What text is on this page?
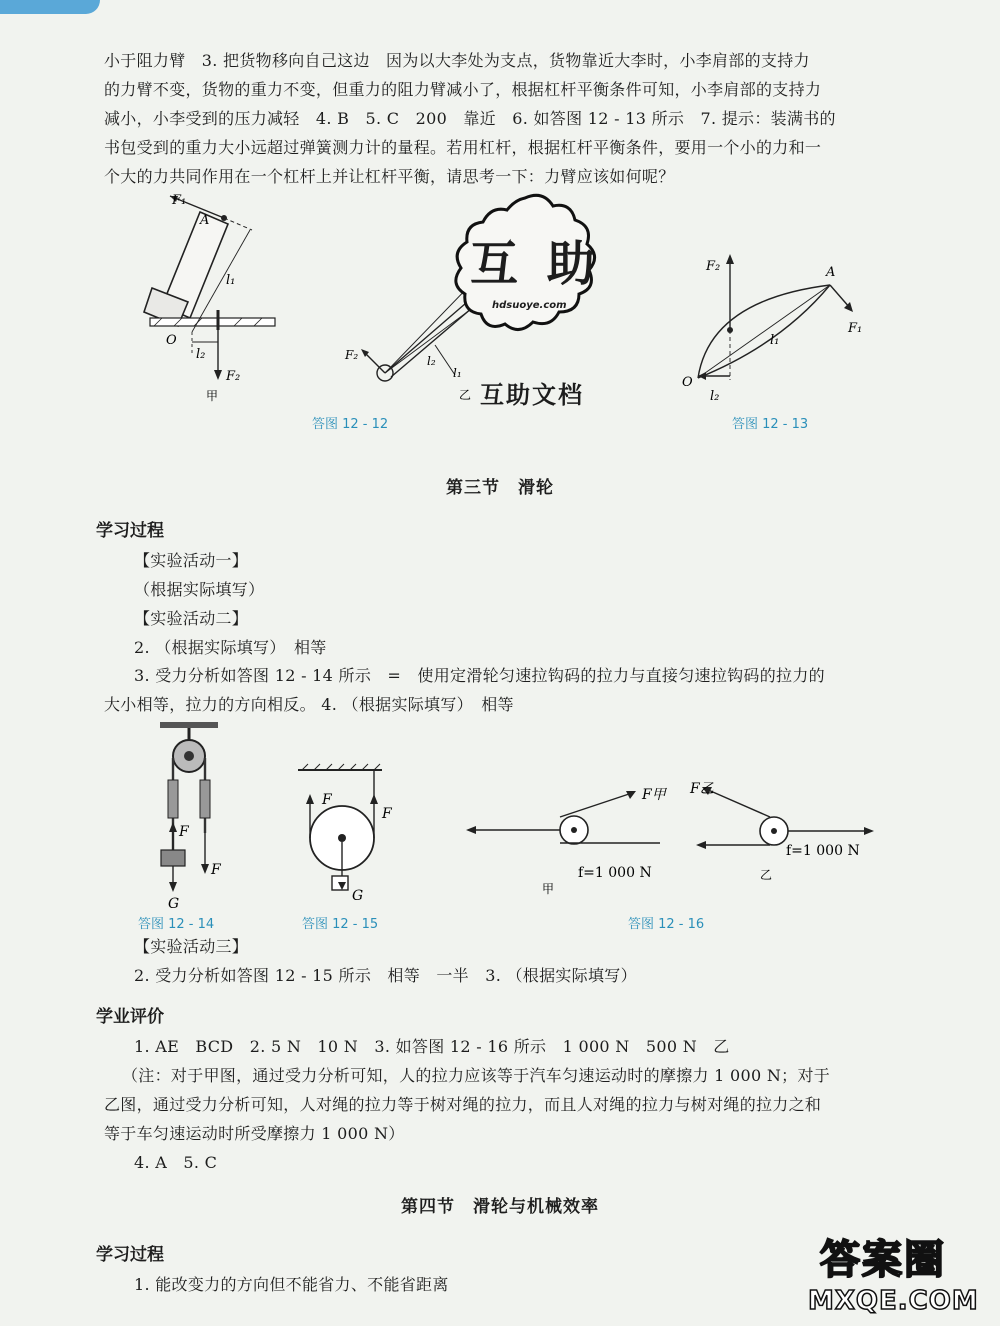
小于阻力臂　3. 把货物移向自己这边　因为以大李处为支点，货物靠近大李时，小李肩部的支持力
的力臂不变，货物的重力不变，但重力的阻力臂减小了，根据杠杆平衡条件可知，小李肩部的支持力
减小，小李受到的压力减轻　4. B　5. C　200　靠近　6. 如答图 12 - 13 所示　7. 提示：装满书的
书包受到的重力大小远超过弹簧测力计的量程。若用杠杆，根据杠杆平衡条件，要用一个小的力和一
个大的力共同作用在一个杠杆上并让杠杆平衡，请思考一下：力臂应该如何呢？
F₁
A
l₁
O
l₂
F₂
甲
F₂	l₂
l₁
乙
互 助
hdsuoye.com
互助文档
F₂	A
F₁
l₁
O
l₂
答图 12 - 12	答图 12 - 13
第三节　滑轮
学习过程
【实验活动一】
（根据实际填写）
【实验活动二】
2. （根据实际填写）　相等
3. 受力分析如答图 12 - 14 所示　=　使用定滑轮匀速拉钩码的拉力与直接匀速拉钩码的拉力的
大小相等，拉力的方向相反。 4. （根据实际填写）　相等
F
F
G
F
F
G
F甲
f=1 000 N
甲
F乙
f=1 000 N
乙
答图 12 - 14	答图 12 - 15	答图 12 - 16
【实验活动三】
2. 受力分析如答图 12 - 15 所示　相等　一半　3. （根据实际填写）
学业评价
1. AE　BCD　2. 5 N　10 N　3. 如答图 12 - 16 所示　1 000 N　500 N　乙
（注：对于甲图，通过受力分析可知，人的拉力应该等于汽车匀速运动时的摩擦力 1 000 N；对于
乙图，通过受力分析可知，人对绳的拉力等于树对绳的拉力，而且人对绳的拉力与树对绳的拉力之和
等于车匀速运动时所受摩擦力 1 000 N）
4. A　5. C
第四节　滑轮与机械效率
学习过程
1. 能改变力的方向但不能省力、不能省距离
答案圈
MXQE.COM
